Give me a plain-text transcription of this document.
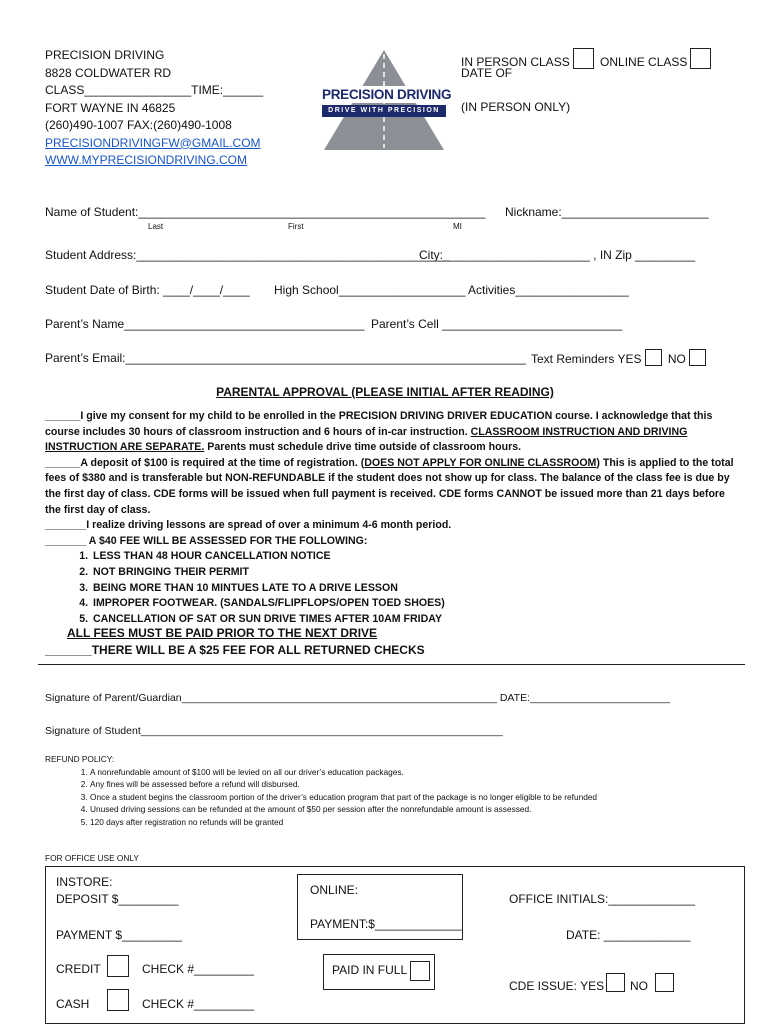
PRECISION DRIVING
8828 COLDWATER RD
CLASS________________TIME:______
FORT WAYNE IN 46825
(260)490-1007 FAX:(260)490-1008
PRECISIONDRIVINGFW@GMAIL.COM
WWW.MYPRECISIONDRIVING.COM
PRECISION DRIVING
DRIVE WITH PRECISION
IN PERSON CLASS	ONLINE CLASS
DATE OF
(IN PERSON ONLY)
Name of Student:____________________________________________________ Nickname:______________________
Last	First	MI
Student Address:_______________________________________________
City:______________________ , IN Zip _________
Student Date of Birth: ____/____/____ High School___________________ Activities_________________
Parent’s Name____________________________________ Parent’s Cell ___________________________
Parent’s Email:____________________________________________________________ Text Reminders YES NO
PARENTAL APPROVAL (PLEASE INITIAL AFTER READING)

______I give my consent for my child to be enrolled in the PRECISION DRIVING DRIVER EDUCATION course. I acknowledge that this course includes 30 hours of classroom instruction and 6 hours of in-car instruction. CLASSROOM INSTRUCTION AND DRIVING INSTRUCTION ARE SEPARATE. Parents must schedule drive time outside of classroom hours.

______A deposit of $100 is required at the time of registration. (DOES NOT APPLY FOR ONLINE CLASSROOM) This is applied to the total fees of $380 and is transferable but NON-REFUNDABLE if the student does not show up for class. The balance of the class fee is due by the first day of class. CDE forms will be issued when full payment is received. CDE forms CANNOT be issued more than 21 days before the first day of class.

_______I realize driving lessons are spread of over a minimum 4-6 month period.

_______ A $40 FEE WILL BE ASSESSED FOR THE FOLLOWING:

1. LESS THAN 48 HOUR CANCELLATION NOTICE
2. NOT BRINGING THEIR PERMIT
3. BEING MORE THAN 10 MINTUES LATE TO A DRIVE LESSON
4. IMPROPER FOOTWEAR. (SANDALS/FLIPFLOPS/OPEN TOED SHOES)
5. CANCELLATION OF SAT OR SUN DRIVE TIMES AFTER 10AM FRIDAY
ALL FEES MUST BE PAID PRIOR TO THE NEXT DRIVE
_______THERE WILL BE A $25 FEE FOR ALL RETURNED CHECKS
Signature of Parent/Guardian______________________________________________________ DATE:________________________
Signature of Student______________________________________________________________
REFUND POLICY:
1. A nonrefundable amount of $100 will be levied on all our driver’s education packages.
2. Any fines will be assessed before a refund will disbursed.
3. Once a student begins the classroom portion of the driver’s education program that part of the package is no longer eligible to be refunded
4. Unused driving sessions can be refunded at the amount of $50 per session after the nonrefundable amount is assessed.
5. 120 days after registration no refunds will be granted
FOR OFFICE USE ONLY
INSTORE:
DEPOSIT $_________
PAYMENT $_________
CREDIT	CHECK #_________
CASH	CHECK #_________
ONLINE:
PAYMENT:$_____________
PAID IN FULL
OFFICE INITIALS:_____________
DATE: _____________
CDE ISSUE: YES NO
